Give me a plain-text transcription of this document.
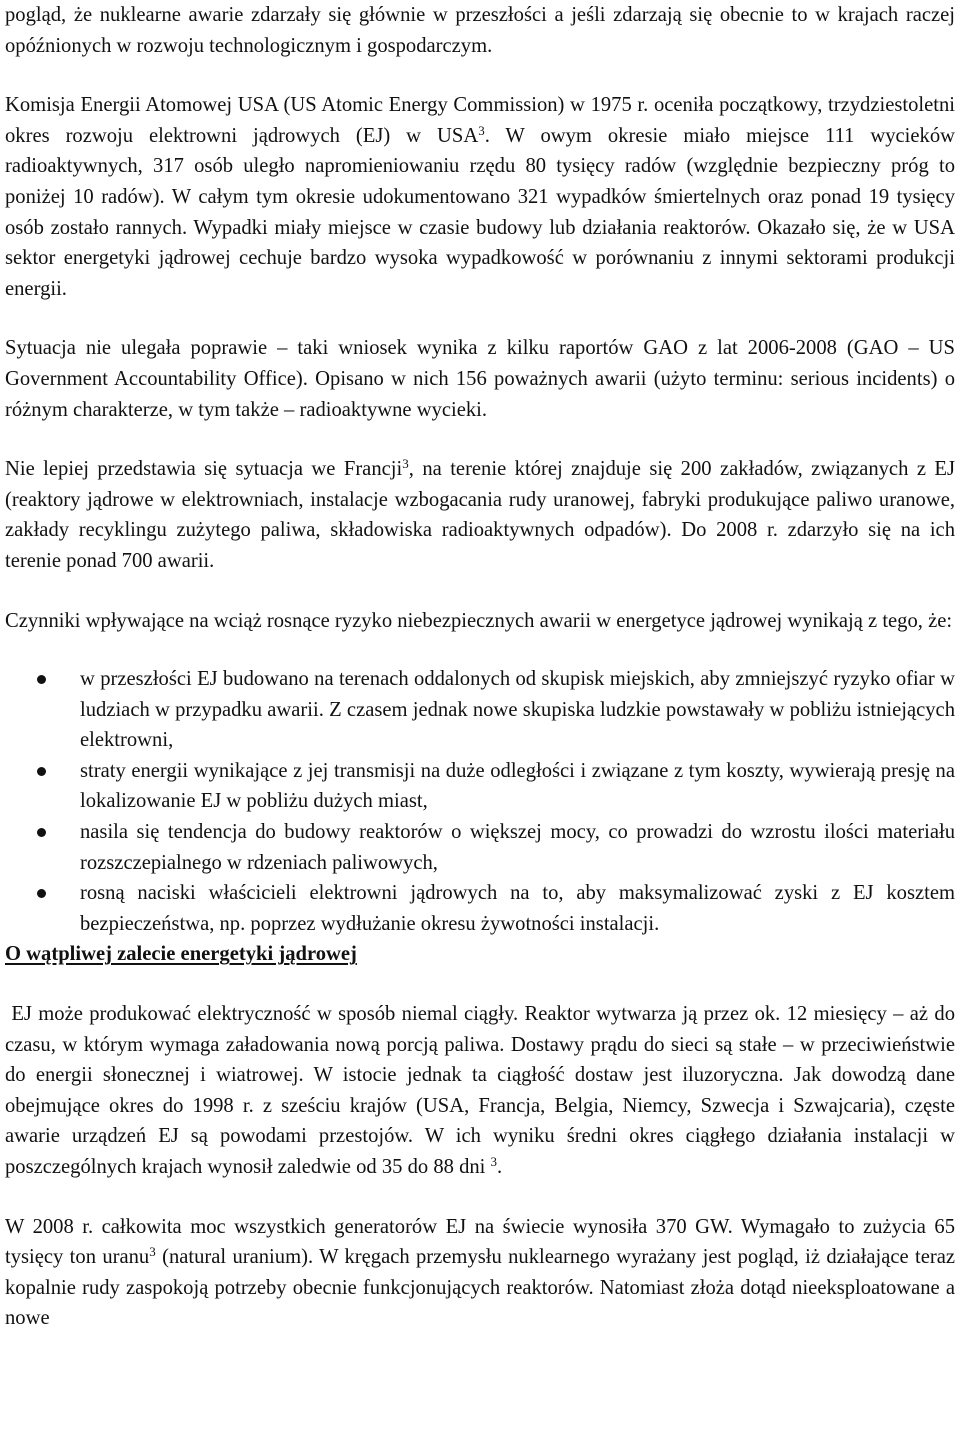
pogląd, że nuklearne awarie zdarzały się głównie w przeszłości a jeśli zdarzają się obecnie to w krajach raczej opóźnionych w rozwoju technologicznym i gospodarczym.

Komisja Energii Atomowej USA (US Atomic Energy Commission) w 1975 r. oceniła początkowy, trzydziestoletni okres rozwoju elektrowni jądrowych (EJ) w USA$^3$. W owym okresie miało miejsce 111 wycieków radioaktywnych, 317 osób uległo napromieniowaniu rzędu 80 tysięcy radów (względnie bezpieczny próg to poniżej 10 radów). W całym tym okresie udokumentowano 321 wypadków śmiertelnych oraz ponad 19 tysięcy osób zostało rannych. Wypadki miały miejsce w czasie budowy lub działania reaktorów. Okazało się, że w USA sektor energetyki jądrowej cechuje bardzo wysoka wypadkowość w porównaniu z innymi sektorami produkcji energii.

Sytuacja nie ulegała poprawie – taki wniosek wynika z kilku raportów GAO z lat 2006-2008 (GAO – US Government Accountability Office). Opisano w nich 156 poważnych awarii (użyto terminu: serious incidents) o różnym charakterze, w tym także – radioaktywne wycieki.

Nie lepiej przedstawia się sytuacja we Francji$^3$, na terenie której znajduje się 200 zakładów, związanych z EJ (reaktory jądrowe w elektrowniach, instalacje wzbogacania rudy uranowej, fabryki produkujące paliwo uranowe, zakłady recyklingu zużytego paliwa, składowiska radioaktywnych odpadów). Do 2008 r. zdarzyło się na ich terenie ponad 700 awarii.

Czynniki wpływające na wciąż rosnące ryzyko niebezpiecznych awarii w energetyce jądrowej wynikają z tego, że:

w przeszłości EJ budowano na terenach oddalonych od skupisk miejskich, aby zmniejszyć ryzyko ofiar w ludziach w przypadku awarii. Z czasem jednak nowe skupiska ludzkie powstawały w pobliżu istniejących elektrowni,
straty energii wynikające z jej transmisji na duże odległości i związane z tym koszty, wywierają presję na lokalizowanie EJ w pobliżu dużych miast,
nasila się tendencja do budowy reaktorów o większej mocy, co prowadzi do wzrostu ilości materiału rozszczepialnego w rdzeniach paliwowych,
rosną naciski właścicieli elektrowni jądrowych na to, aby maksymalizować zyski z EJ kosztem bezpieczeństwa, np. poprzez wydłużanie okresu żywotności instalacji.

O wątpliwej zalecie energetyki jądrowej

EJ może produkować elektryczność w sposób niemal ciągły. Reaktor wytwarza ją przez ok. 12 miesięcy – aż do czasu, w którym wymaga załadowania nową porcją paliwa. Dostawy prądu do sieci są stałe – w przeciwieństwie do energii słonecznej i wiatrowej. W istocie jednak ta ciągłość dostaw jest iluzoryczna. Jak dowodzą dane obejmujące okres do 1998 r. z sześciu krajów (USA, Francja, Belgia, Niemcy, Szwecja i Szwajcaria), częste awarie urządzeń EJ są powodami przestojów. W ich wyniku średni okres ciągłego działania instalacji w poszczególnych krajach wynosił zaledwie od 35 do 88 dni $^3$.

W 2008 r. całkowita moc wszystkich generatorów EJ na świecie wynosiła 370 GW. Wymagało to zużycia 65 tysięcy ton uranu$^3$ (natural uranium). W kręgach przemysłu nuklearnego wyrażany jest pogląd, iż działające teraz kopalnie rudy zaspokoją potrzeby obecnie funkcjonujących reaktorów. Natomiast złoża dotąd nieeksploatowane a nowe
